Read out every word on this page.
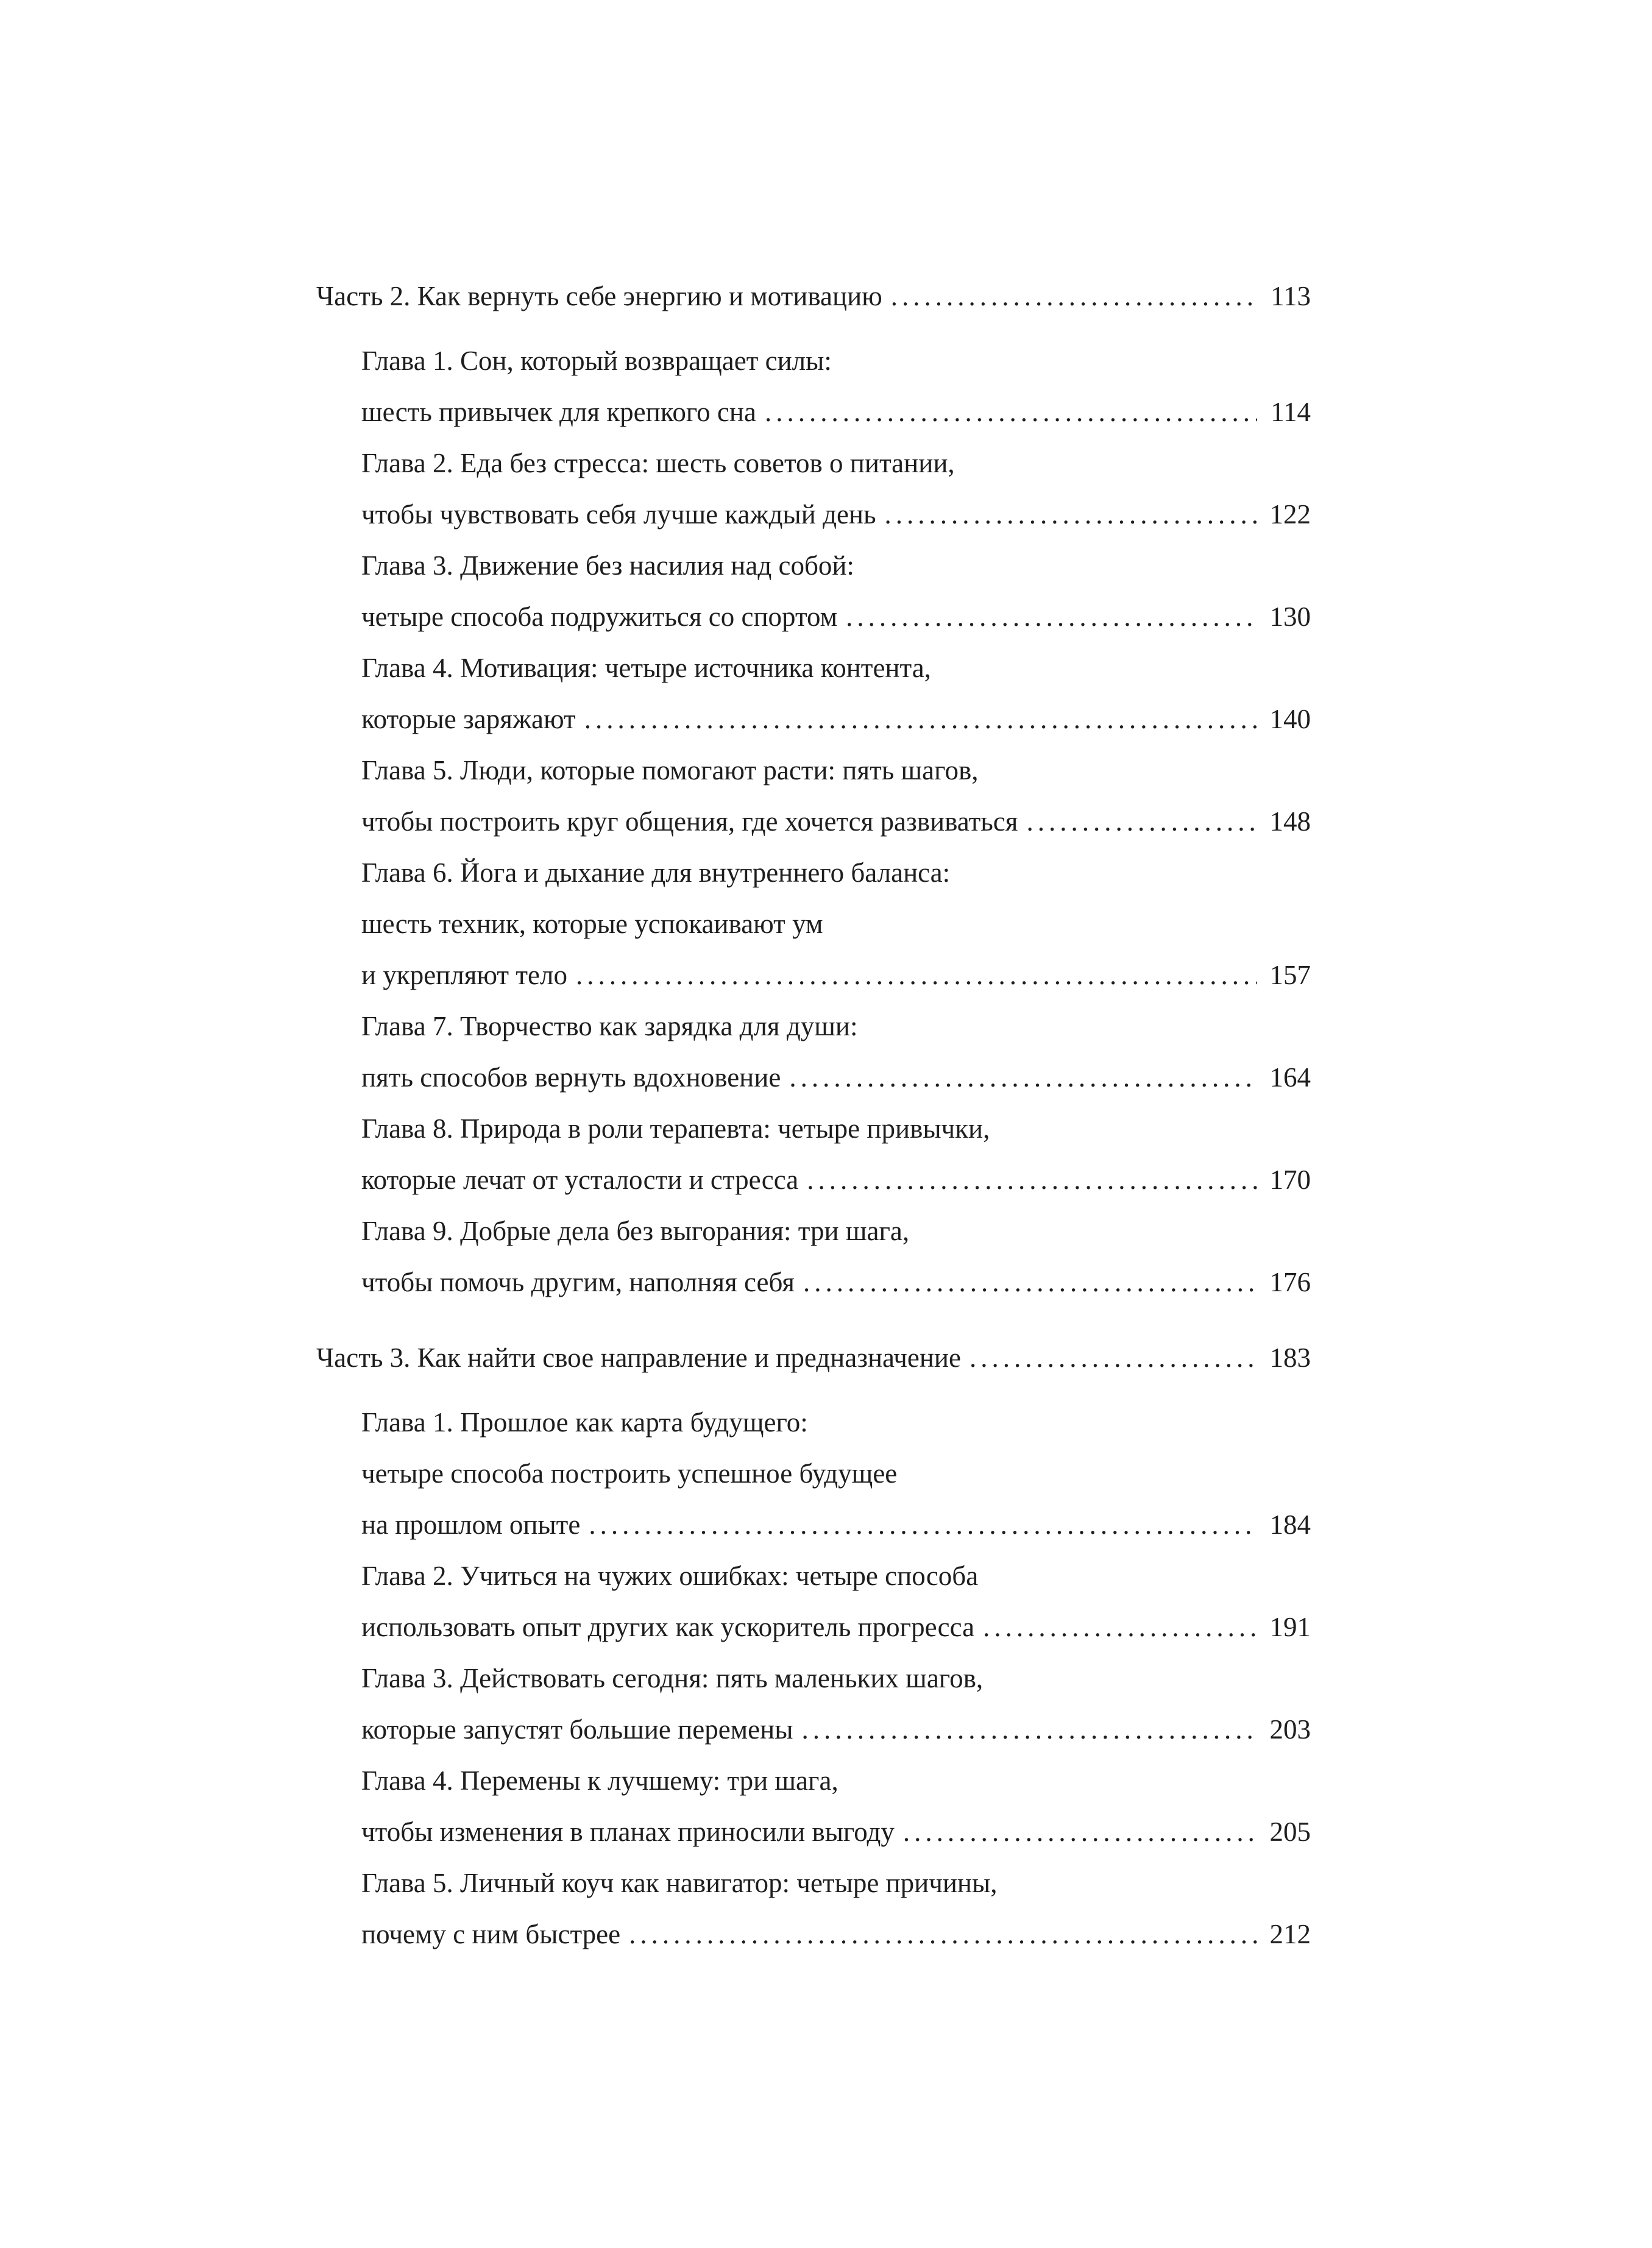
Часть 2. Как вернуть себе энергию и мотивацию .....	113
Глава 1. Сон, который возвращает силы:
шесть привычек для крепкого сна .....	114
Глава 2. Еда без стресса: шесть советов о питании,
чтобы чувствовать себя лучше каждый день .....	122
Глава 3. Движение без насилия над собой:
четыре способа подружиться со спортом .....	130
Глава 4. Мотивация: четыре источника контента,
которые заряжают .....	140
Глава 5. Люди, которые помогают расти: пять шагов,
чтобы построить круг общения, где хочется развиваться .....	148
Глава 6. Йога и дыхание для внутреннего баланса:
шесть техник, которые успокаивают ум
и укрепляют тело .....	157
Глава 7. Творчество как зарядка для души:
пять способов вернуть вдохновение .....	164
Глава 8. Природа в роли терапевта: четыре привычки,
которые лечат от усталости и стресса .....	170
Глава 9. Добрые дела без выгорания: три шага,
чтобы помочь другим, наполняя себя .....	176
Часть 3. Как найти свое направление и предназначение .....	183
Глава 1. Прошлое как карта будущего:
четыре способа построить успешное будущее
на прошлом опыте .....	184
Глава 2. Учиться на чужих ошибках: четыре способа
использовать опыт других как ускоритель прогресса .....	191
Глава 3. Действовать сегодня: пять маленьких шагов,
которые запустят большие перемены .....	203
Глава 4. Перемены к лучшему: три шага,
чтобы изменения в планах приносили выгоду .....	205
Глава 5. Личный коуч как навигатор: четыре причины,
почему с ним быстрее .....	212
